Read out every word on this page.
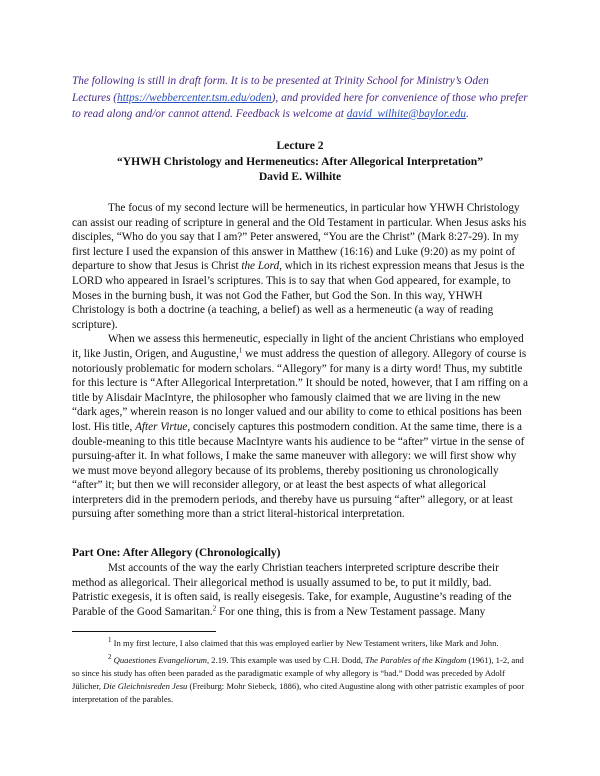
The following is still in draft form. It is to be presented at Trinity School for Ministry’s Oden Lectures (https://webbercenter.tsm.edu/oden), and provided here for convenience of those who prefer to read along and/or cannot attend. Feedback is welcome at david_wilhite@baylor.edu.

Lecture 2
“YHWH Christology and Hermeneutics: After Allegorical Interpretation”
David E. Wilhite

The focus of my second lecture will be hermeneutics, in particular how YHWH Christology can assist our reading of scripture in general and the Old Testament in particular. When Jesus asks his disciples, “Who do you say that I am?” Peter answered, “You are the Christ” (Mark 8:27-29). In my first lecture I used the expansion of this answer in Matthew (16:16) and Luke (9:20) as my point of departure to show that Jesus is Christ the Lord, which in its richest expression means that Jesus is the LORD who appeared in Israel’s scriptures. This is to say that when God appeared, for example, to Moses in the burning bush, it was not God the Father, but God the Son. In this way, YHWH Christology is both a doctrine (a teaching, a belief) as well as a hermeneutic (a way of reading scripture).

When we assess this hermeneutic, especially in light of the ancient Christians who employed it, like Justin, Origen, and Augustine,$^1$ we must address the question of allegory. Allegory of course is notoriously problematic for modern scholars. “Allegory” for many is a dirty word! Thus, my subtitle for this lecture is “After Allegorical Interpretation.” It should be noted, however, that I am riffing on a title by Alisdair MacIntyre, the philosopher who famously claimed that we are living in the new “dark ages,” wherein reason is no longer valued and our ability to come to ethical positions has been lost. His title, After Virtue, concisely captures this postmodern condition. At the same time, there is a double-meaning to this title because MacIntyre wants his audience to be “after” virtue in the sense of pursuing-after it. In what follows, I make the same maneuver with allegory: we will first show why we must move beyond allegory because of its problems, thereby positioning us chronologically “after” it; but then we will reconsider allegory, or at least the best aspects of what allegorical interpreters did in the premodern periods, and thereby have us pursuing “after” allegory, or at least pursuing after something more than a strict literal-historical interpretation.

Part One: After Allegory (Chronologically)

Mst accounts of the way the early Christian teachers interpreted scripture describe their method as allegorical. Their allegorical method is usually assumed to be, to put it mildly, bad. Patristic exegesis, it is often said, is really eisegesis. Take, for example, Augustine’s reading of the Parable of the Good Samaritan.$^2$ For one thing, this is from a New Testament passage. Many

$^1$ In my first lecture, I also claimed that this was employed earlier by New Testament writers, like Mark and John.

$^2$ Quaestiones Evangeliorum, 2.19. This example was used by C.H. Dodd, The Parables of the Kingdom (1961), 1-2, and so since his study has often been paraded as the paradigmatic example of why allegory is “bad.” Dodd was preceded by Adolf Jülicher, Die Gleichnisreden Jesu (Freiburg: Mohr Siebeck, 1886), who cited Augustine along with other patristic examples of poor interpretation of the parables.
